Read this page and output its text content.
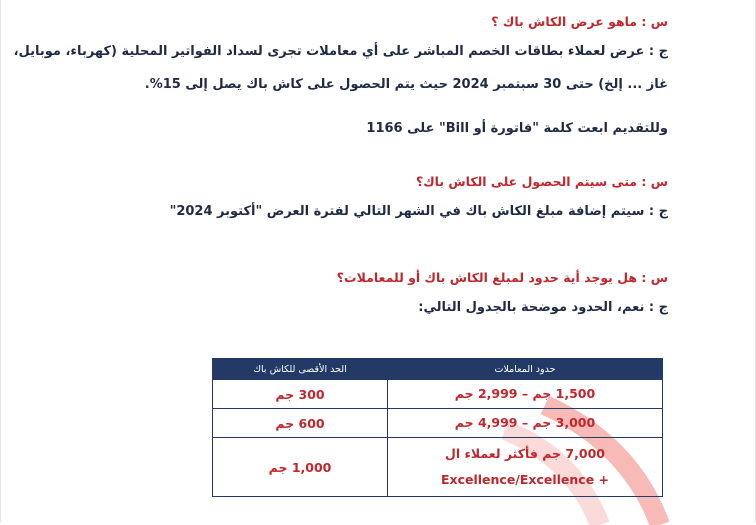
س : ماهو عرض الكاش باك ؟
ج : عرض لعملاء بطاقات الخصم المباشر على أي معاملات تجرى لسداد الفواتير المحلية (كهرباء، موبايل،
غاز ... إلخ) حتى 30 سبتمبر 2024 حيث يتم الحصول على كاش باك يصل إلى 15%.
وللتقديم ابعت كلمة "فاتورة أو Bill" على 1166
س : متى سيتم الحصول على الكاش باك؟
ج : سيتم إضافة مبلغ الكاش باك في الشهر التالي لفترة العرض "أكتوبر 2024"
س : هل يوجد أية حدود لمبلغ الكاش باك أو للمعاملات؟
ج : نعم، الحدود موضحة بالجدول التالي:
حدود المعاملات	الحد الأقصى للكاش باك

1,500 جم – 2,999 جم	300 جم

3,000 جم – 4,999 جم	600 جم

7,000 جم فأكثر لعملاء ال
Excellence/Excellence +	1,000 جم
